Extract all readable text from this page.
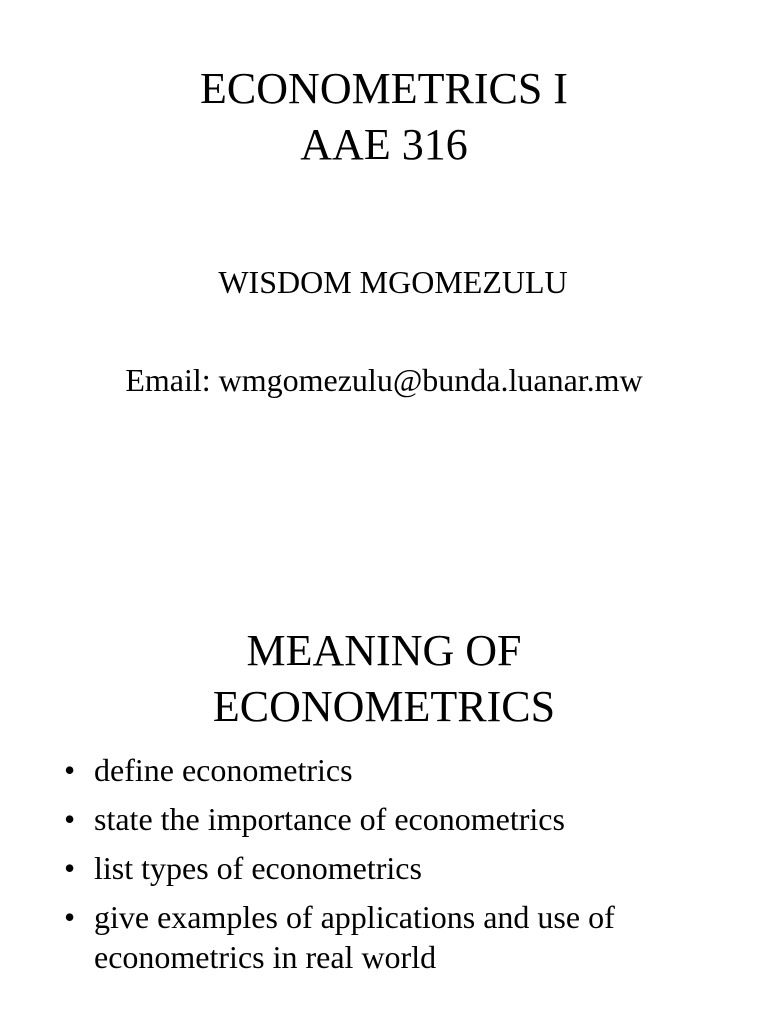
ECONOMETRICS I
AAE 316
WISDOM MGOMEZULU
Email: wmgomezulu@bunda.luanar.mw
MEANING OF
ECONOMETRICS
• define econometrics
• state the importance of econometrics
• list types of econometrics
• give examples of applications and use of econometrics in real world
